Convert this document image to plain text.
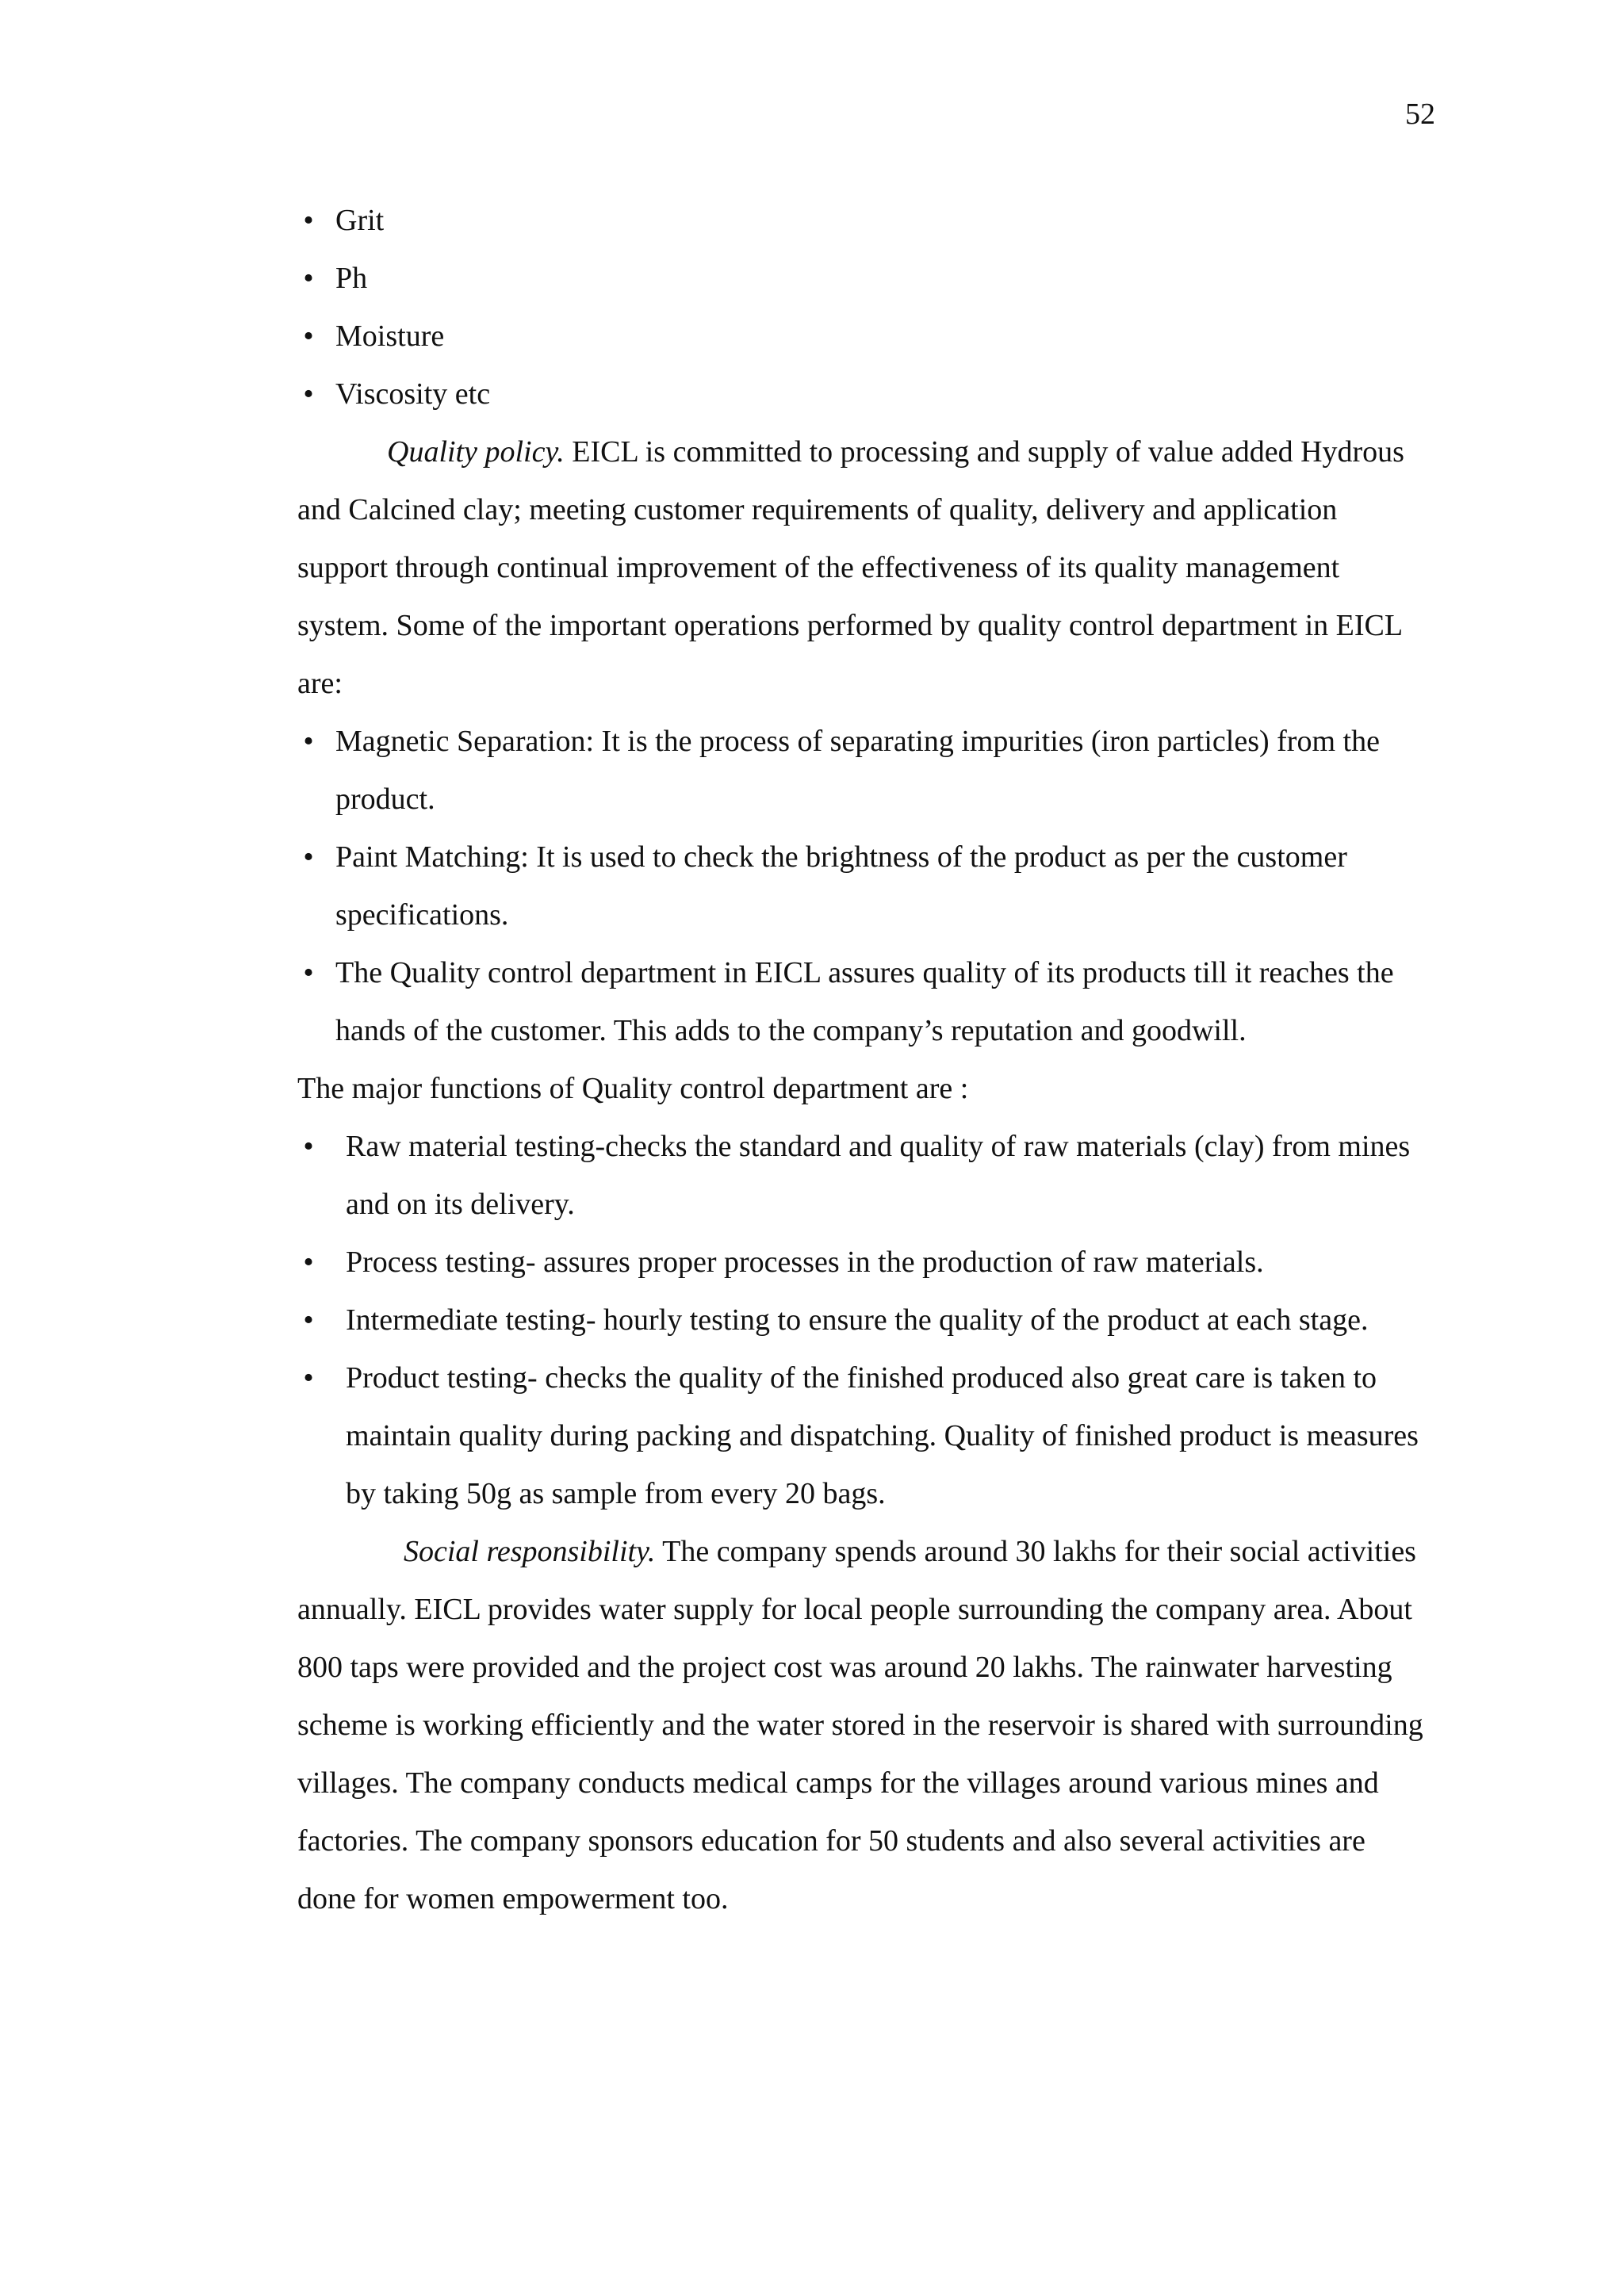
52
• Grit
• Ph
• Moisture
• Viscosity etc

Quality policy. EICL is committed to processing and supply of value added Hydrous and Calcined clay; meeting customer requirements of quality, delivery and application support through continual improvement of the effectiveness of its quality management system. Some of the important operations performed by quality control department in EICL are:

• Magnetic Separation: It is the process of separating impurities (iron particles) from the product.
• Paint Matching: It is used to check the brightness of the product as per the customer specifications.
• The Quality control department in EICL assures quality of its products till it reaches the hands of the customer. This adds to the company’s reputation and goodwill.

The major functions of Quality control department are :

• Raw material testing-checks the standard and quality of raw materials (clay) from mines and on its delivery.
• Process testing- assures proper processes in the production of raw materials.
• Intermediate testing- hourly testing to ensure the quality of the product at each stage.
• Product testing- checks the quality of the finished produced also great care is taken to maintain quality during packing and dispatching. Quality of finished product is measures by taking 50g as sample from every 20 bags.

Social responsibility. The company spends around 30 lakhs for their social activities annually. EICL provides water supply for local people surrounding the company area. About 800 taps were provided and the project cost was around 20 lakhs. The rainwater harvesting scheme is working efficiently and the water stored in the reservoir is shared with surrounding villages. The company conducts medical camps for the villages around various mines and factories. The company sponsors education for 50 students and also several activities are done for women empowerment too.
